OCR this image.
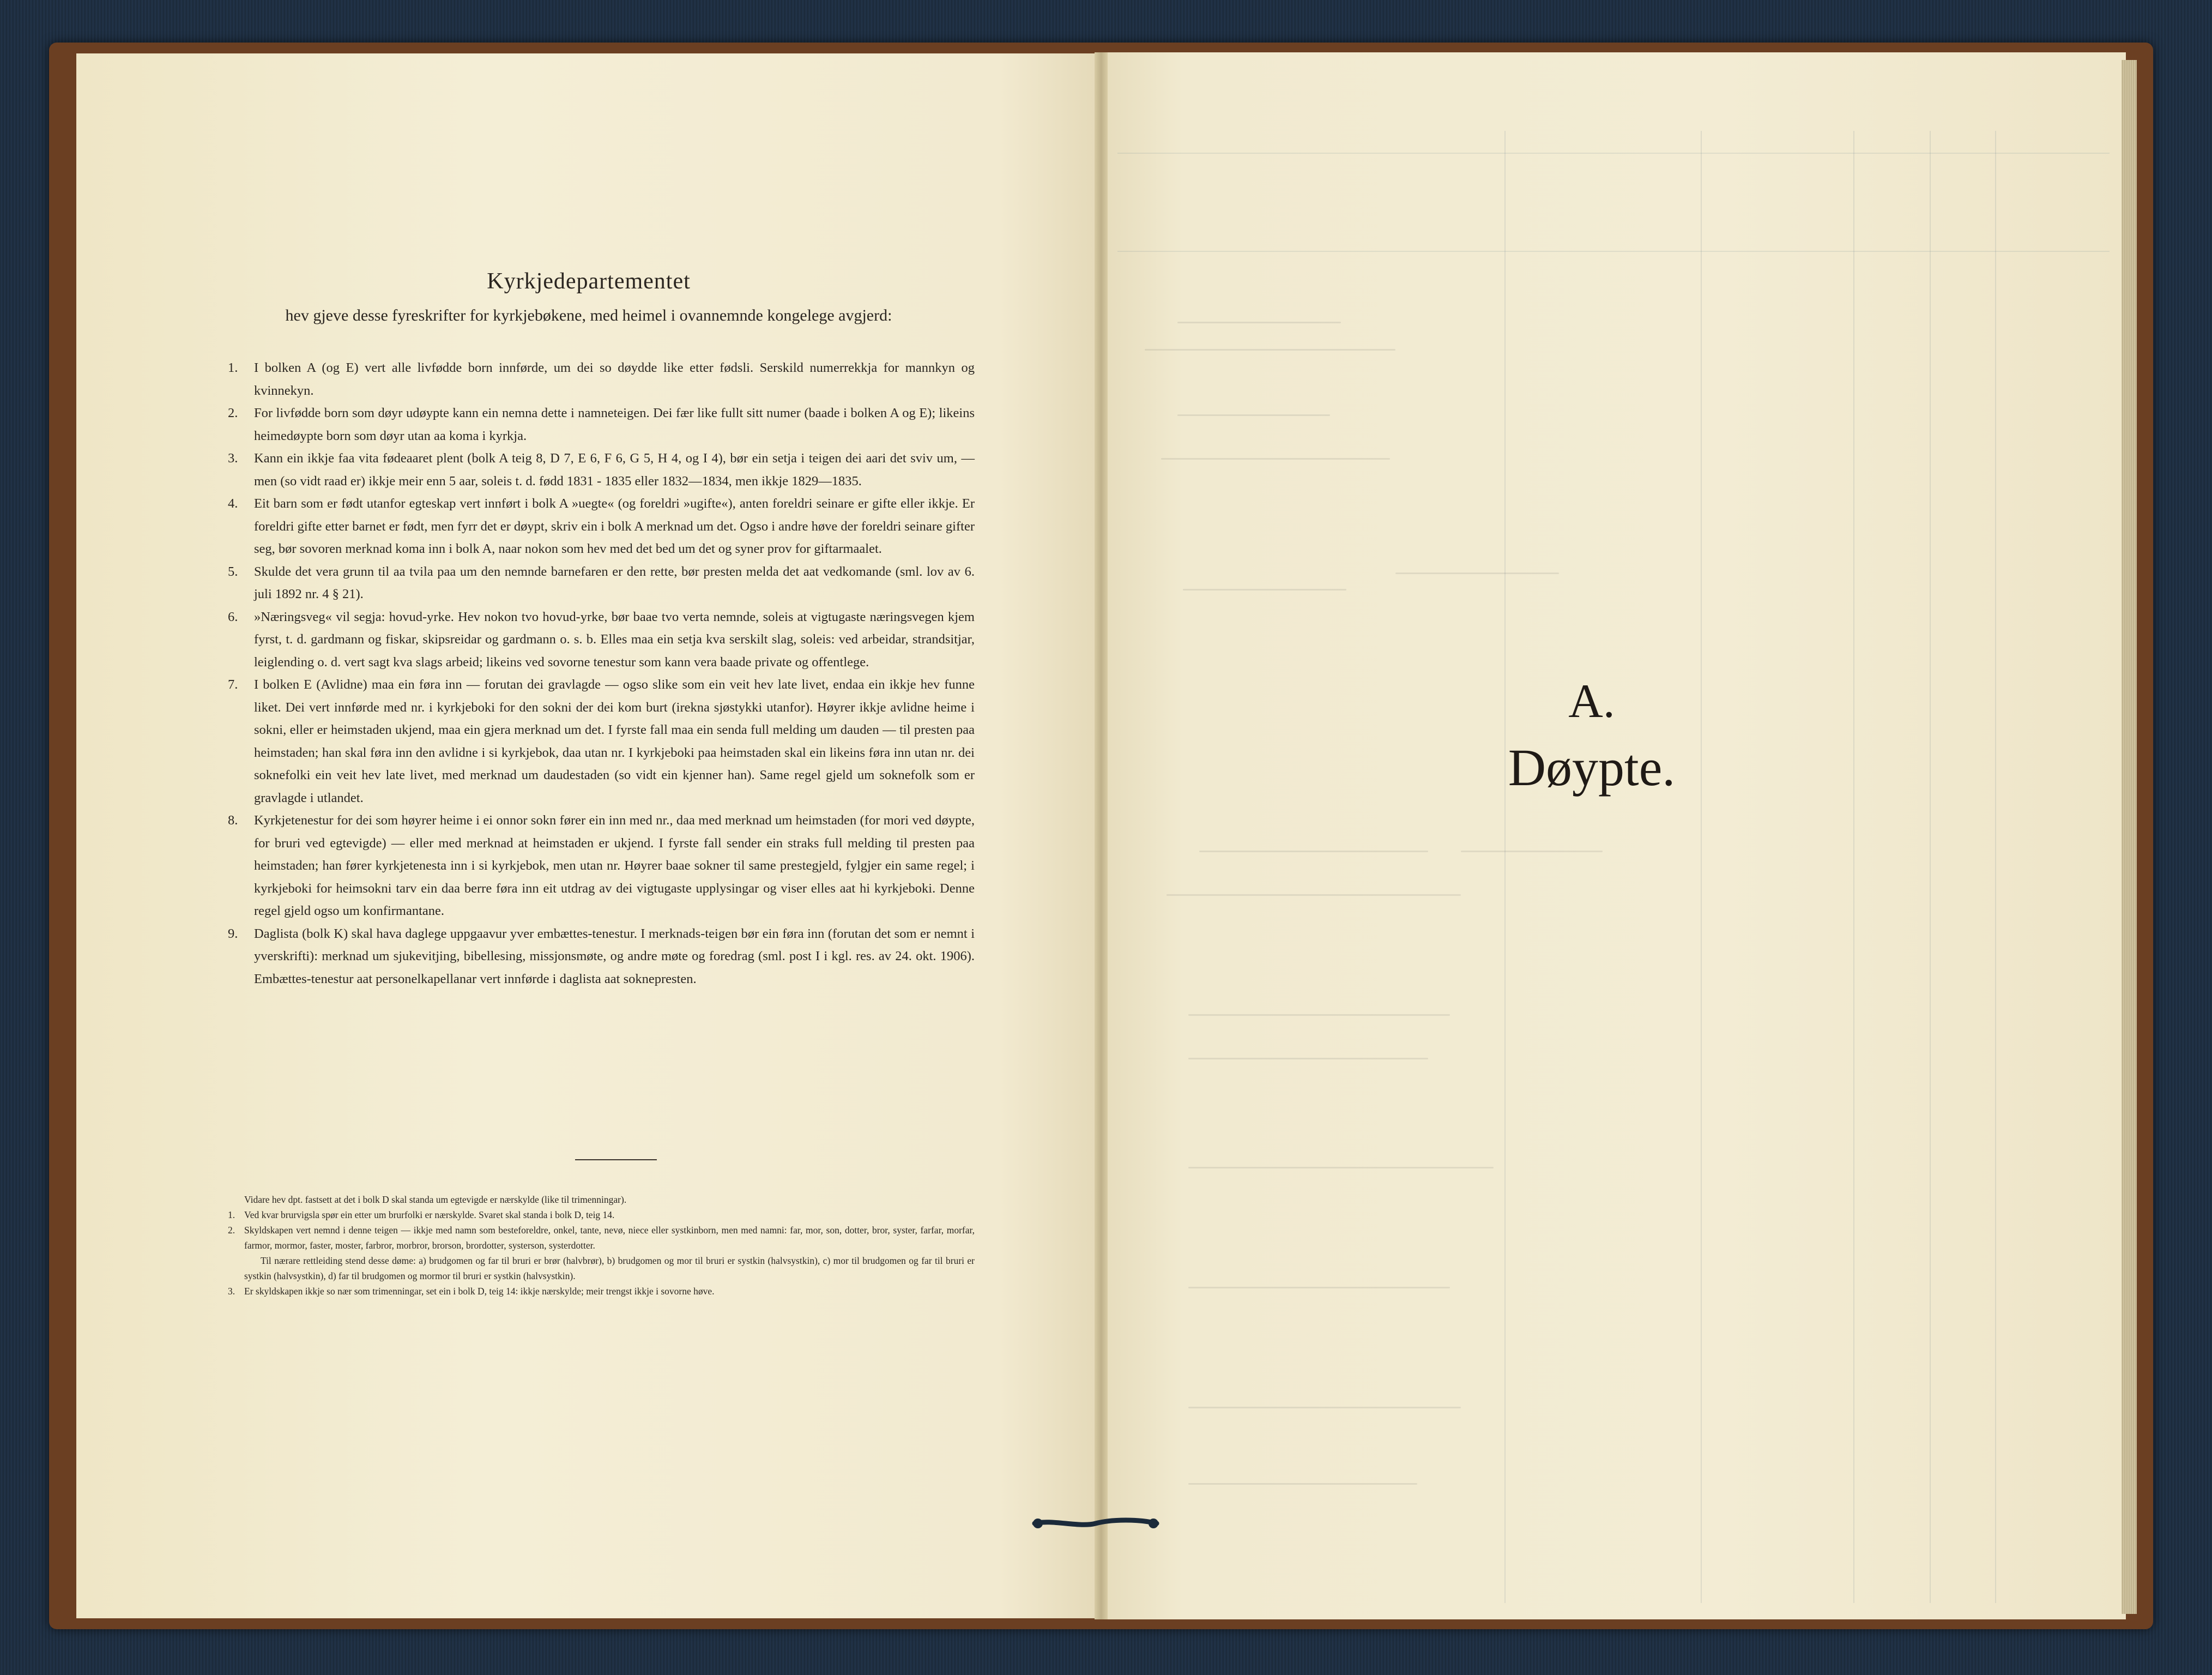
Kyrkjedepartementet
hev gjeve desse fyreskrifter for kyrkjebøkene, med heimel i ovannemnde kongelege avgjerd:
1. I bolken A (og E) vert alle livfødde born innførde, um dei so døydde like etter fødsli. Serskild numerrekkja for mannkyn og kvinnekyn.
2. For livfødde born som døyr udøypte kann ein nemna dette i namneteigen. Dei fær like fullt sitt numer (baade i bolken A og E); likeins heimedøypte born som døyr utan aa koma i kyrkja.
3. Kann ein ikkje faa vita fødeaaret plent (bolk A teig 8, D 7, E 6, F 6, G 5, H 4, og I 4), bør ein setja i teigen dei aari det sviv um, — men (so vidt raad er) ikkje meir enn 5 aar, soleis t. d. fødd 1831 - 1835 eller 1832—1834, men ikkje 1829—1835.
4. Eit barn som er født utanfor egteskap vert innført i bolk A »uegte« (og foreldri »ugifte«), anten foreldri seinare er gifte eller ikkje. Er foreldri gifte etter barnet er født, men fyrr det er døypt, skriv ein i bolk A merknad um det. Ogso i andre høve der foreldri seinare gifter seg, bør sovoren merknad koma inn i bolk A, naar nokon som hev med det bed um det og syner prov for giftarmaalet.
5. Skulde det vera grunn til aa tvila paa um den nemnde barnefaren er den rette, bør presten melda det aat vedkomande (sml. lov av 6. juli 1892 nr. 4 § 21).
6. »Næringsveg« vil segja: hovud-yrke. Hev nokon tvo hovud-yrke, bør baae tvo verta nemnde, soleis at vigtugaste næringsvegen kjem fyrst, t. d. gardmann og fiskar, skipsreidar og gardmann o. s. b. Elles maa ein setja kva serskilt slag, soleis: ved arbeidar, strandsitjar, leiglending o. d. vert sagt kva slags arbeid; likeins ved sovorne tenestur som kann vera baade private og offentlege.
7. I bolken E (Avlidne) maa ein føra inn — forutan dei gravlagde — ogso slike som ein veit hev late livet, endaa ein ikkje hev funne liket. Dei vert innførde med nr. i kyrkjeboki for den sokni der dei kom burt (irekna sjøstykki utanfor). Høyrer ikkje avlidne heime i sokni, eller er heimstaden ukjend, maa ein gjera merknad um det. I fyrste fall maa ein senda full melding um dauden — til presten paa heimstaden; han skal føra inn den avlidne i si kyrkjebok, daa utan nr. I kyrkjeboki paa heimstaden skal ein likeins føra inn utan nr. dei soknefolki ein veit hev late livet, med merknad um daudestaden (so vidt ein kjenner han). Same regel gjeld um soknefolk som er gravlagde i utlandet.
8. Kyrkjetenestur for dei som høyrer heime i ei onnor sokn fører ein inn med nr., daa med merknad um heimstaden (for mori ved døypte, for bruri ved egtevigde) — eller med merknad at heimstaden er ukjend. I fyrste fall sender ein straks full melding til presten paa heimstaden; han fører kyrkjetenesta inn i si kyrkjebok, men utan nr. Høyrer baae sokner til same prestegjeld, fylgjer ein same regel; i kyrkjeboki for heimsokni tarv ein daa berre føra inn eit utdrag av dei vigtugaste upplysingar og viser elles aat hi kyrkjeboki. Denne regel gjeld ogso um konfirmantane.
9. Daglista (bolk K) skal hava daglege uppgaavur yver embættes-tenestur. I merknads-teigen bør ein føra inn (forutan det som er nemnt i yverskrifti): merknad um sjukevitjing, bibellesing, missjonsmøte, og andre møte og foredrag (sml. post I i kgl. res. av 24. okt. 1906). Embættes-tenestur aat personelkapellanar vert innførde i daglista aat soknepresten.
Vidare hev dpt. fastsett at det i bolk D skal standa um egtevigde er nærskylde (like til trimenningar).
1. Ved kvar brurvigsla spør ein etter um brurfolki er nærskylde. Svaret skal standa i bolk D, teig 14.
2. Skyldskapen vert nemnd i denne teigen — ikkje med namn som besteforeldre, onkel, tante, nevø, niece eller systkinborn, men med namni: far, mor, son, dotter, bror, syster, farfar, morfar, farmor, mormor, faster, moster, farbror, morbror, brorson, brordotter, systerson, systerdotter.
Til nærare rettleiding stend desse døme: a) brudgomen og far til bruri er brør (halvbrør), b) brudgomen og mor til bruri er systkin (halvsystkin), c) mor til brudgomen og far til bruri er systkin (halvsystkin), d) far til brudgomen og mormor til bruri er systkin (halvsystkin).
3. Er skyldskapen ikkje so nær som trimenningar, set ein i bolk D, teig 14: ikkje nærskylde; meir trengst ikkje i sovorne høve.
A.
Døypte.
